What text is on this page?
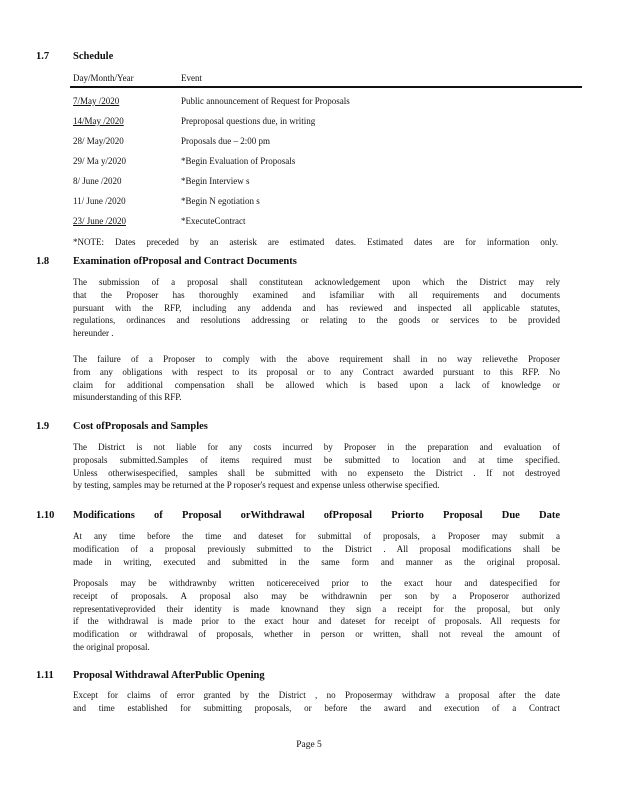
1.7 Schedule
Day/Month/Year	Event
7/May /2020	Public announcement of Request for Proposals
14/May /2020	Preproposal questions due, in writing
28/ May/2020	Proposals due – 2:00 pm
29/ Ma y/2020	*Begin Evaluation of Proposals
8/ June /2020	*Begin Interview s
11/ June /2020	*Begin N egotiation s
23/ June /2020	*ExecuteContract
*NOTE: Dates preceded by an asterisk are estimated dates. Estimated dates are for information only.
1.8 Examination ofProposal and Contract Documents
The submission of a proposal shall constitutean acknowledgement upon which the District may rely
that the Proposer has thoroughly examined and isfamiliar with all requirements and documents
pursuant with the RFP, including any addenda and has reviewed and inspected all applicable statutes,
regulations, ordinances and resolutions addressing or relating to the goods or services to be provided
hereunder .
The failure of a Proposer to comply with the above requirement shall in no way relievethe Proposer
from any obligations with respect to its proposal or to any Contract awarded pursuant to this RFP. No
claim for additional compensation shall be allowed which is based upon a lack of knowledge or
misunderstanding of this RFP.
1.9 Cost ofProposals and Samples
The District is not liable for any costs incurred by Proposer in the preparation and evaluation of
proposals submitted.Samples of items required must be submitted to location and at time specified.
Unless otherwisespecified, samples shall be submitted with no expenseto the District . If not destroyed
by testing, samples may be returned at the P roposer's request and expense unless otherwise specified.
1.10 Modifications of Proposal orWithdrawal ofProposal Priorto Proposal Due Date
At any time before the time and dateset for submittal of proposals, a Proposer may submit a
modification of a proposal previously submitted to the District . All proposal modifications shall be
made in writing, executed and submitted in the same form and manner as the original proposal.
Proposals may be withdrawnby written noticereceived prior to the exact hour and datespecified for
receipt of proposals. A proposal also may be withdrawnin per son by a Proposeror authorized
representativeprovided their identity is made knownand they sign a receipt for the proposal, but only
if the withdrawal is made prior to the exact hour and dateset for receipt of proposals. All requests for
modification or withdrawal of proposals, whether in person or written, shall not reveal the amount of
the original proposal.
1.11 Proposal Withdrawal AfterPublic Opening
Except for claims of error granted by the District , no Proposermay withdraw a proposal after the date
and time established for submitting proposals, or before the award and execution of a Contract
Page 5
